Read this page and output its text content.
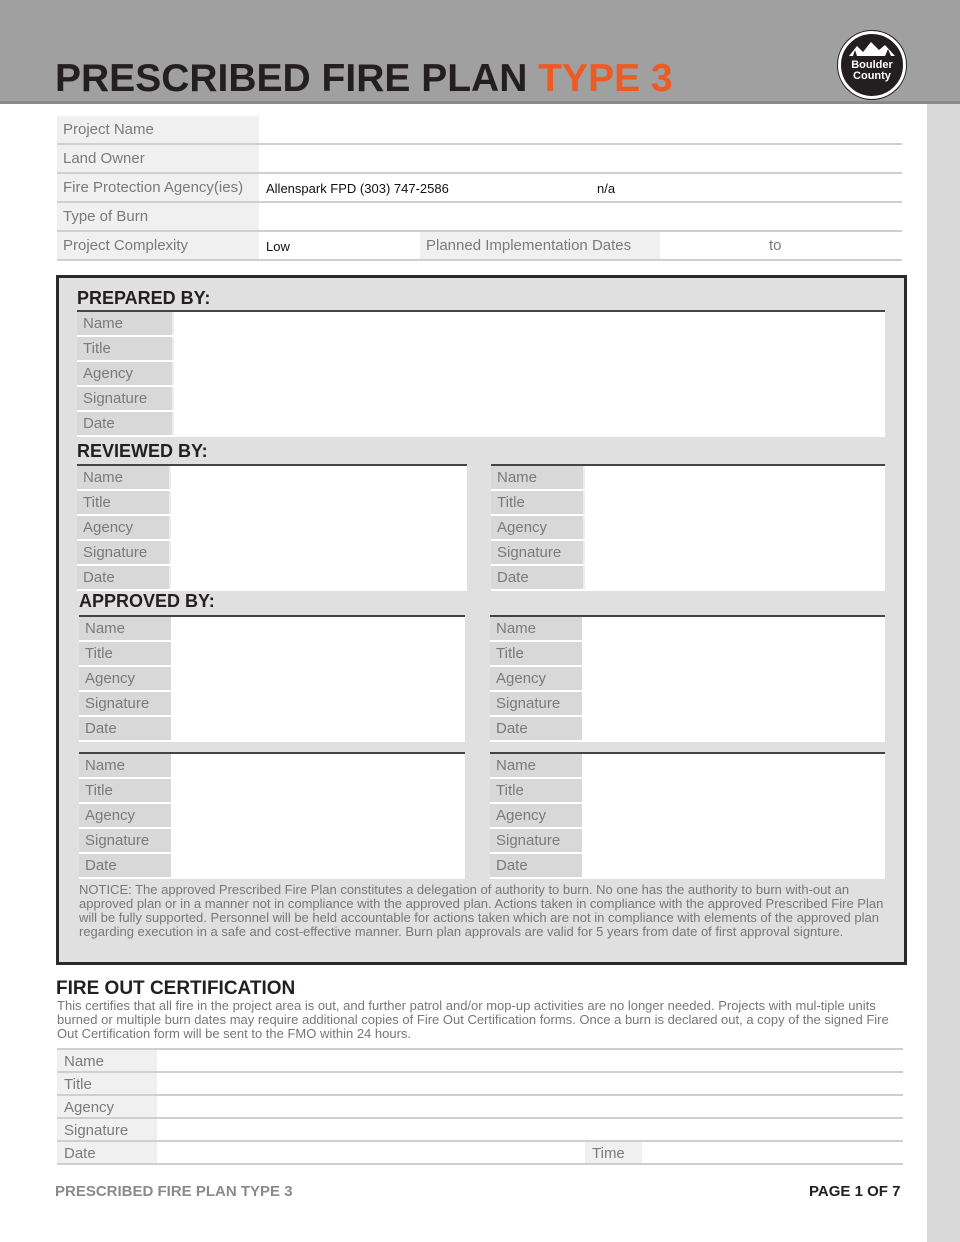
PRESCRIBED FIRE PLAN TYPE 3	Boulder
County
Project Name
Land Owner
Fire Protection Agency(ies) Allenspark FPD (303) 747-2586	n/a
Type of Burn
Project Complexity	Low	Planned Implementation Dates	to
PREPARED BY:
Name
Title
Agency
Signature
Date
REVIEWED BY:
Name
Title
Agency
Signature
Date
Name
Title
Agency
Signature
Date
APPROVED BY:
Name
Title
Agency
Signature
Date
Name
Title
Agency
Signature
Date
Name
Title
Agency
Signature
Date
Name
Title
Agency
Signature
Date
NOTICE: The approved Prescribed Fire Plan constitutes a delegation of authority to burn. No one has the authority to burn with-out an approved plan or in a manner not in compliance with the approved plan. Actions taken in compliance with the approved Prescribed Fire Plan will be fully supported. Personnel will be held accountable for actions taken which are not in compliance with elements of the approved plan regarding execution in a safe and cost-effective manner. Burn plan approvals are valid for 5 years from date of first approval signture.
FIRE OUT CERTIFICATION
This certifies that all fire in the project area is out, and further patrol and/or mop-up activities are no longer needed. Projects with mul-tiple units burned or multiple burn dates may require additional copies of Fire Out Certification forms. Once a burn is declared out, a copy of the signed Fire Out Certification form will be sent to the FMO within 24 hours.
Name
Title
Agency
Signature
Date	Time
PRESCRIBED FIRE PLAN TYPE 3	PAGE 1 OF 7
